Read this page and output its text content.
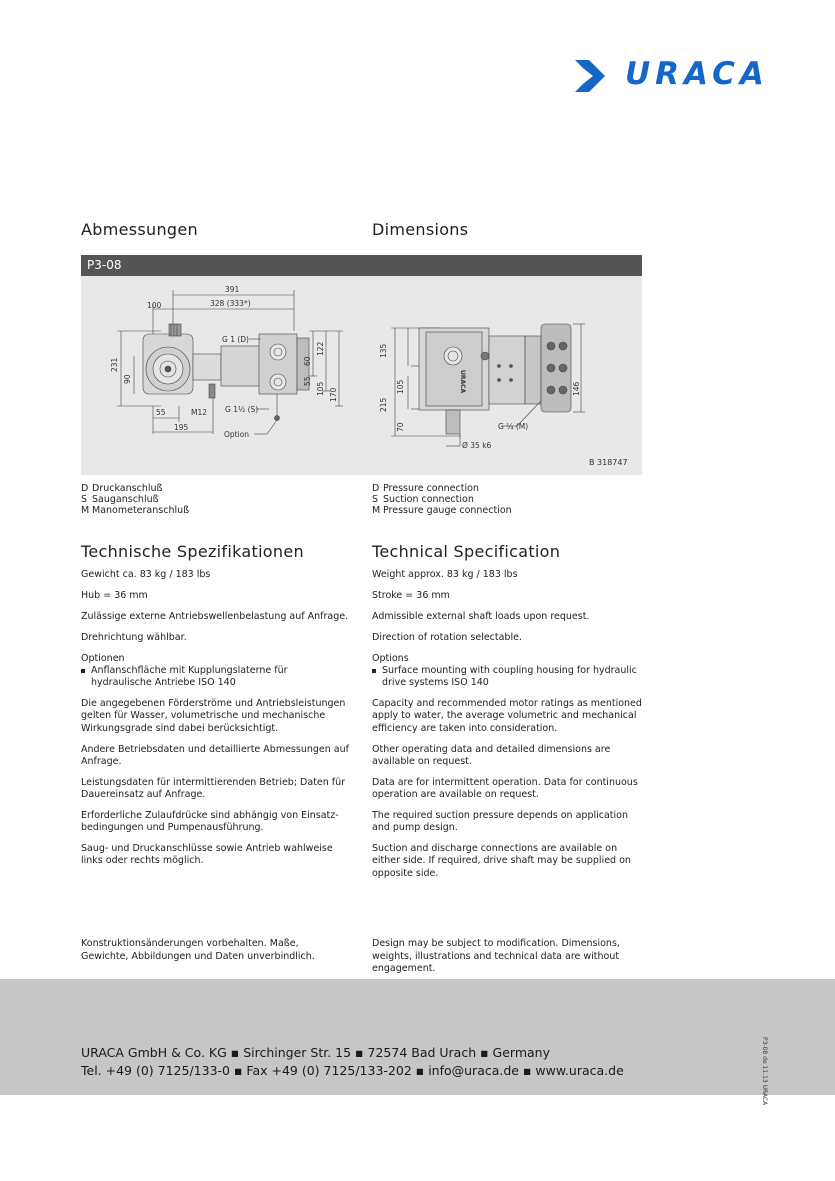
URACA
Abmessungen	Dimensions
P3-08
391
328 (333*)
100
231
90
55	M12
195
G 1 (D)
G 1½ (S)
Option
60
122
55
105 170
135
105
215
70
146
G ¼ (M)
Ø 35 k6
URACA
B 318747
D Druckanschluß
S Sauganschluß
M Manometeranschluß
D Pressure connection
S Suction connection
M Pressure gauge connection
Technische Spezifikationen	Technical Specification

Gewicht ca. 83 kg / 183 lbs

Hub = 36 mm

Zulässige externe Antriebswellenbelastung auf Anfrage.

Drehrichtung wählbar.

Optionen

Anflanschfläche mit Kupplungslaterne für hydraulische Antriebe ISO 140

Die angegebenen Förderströme und Antriebsleistungen gelten für Wasser, volumetrische und mechanische Wirkungsgrade sind dabei berücksichtigt.

Andere Betriebsdaten und detaillierte Abmessungen auf Anfrage.

Leistungsdaten für intermittierenden Betrieb; Daten für Dauereinsatz auf Anfrage.

Erforderliche Zulaufdrücke sind abhängig von Einsatzbedingungen und Pumpenausführung.

Saug- und Druckanschlüsse sowie Antrieb wahlweise links oder rechts möglich.

Weight approx. 83 kg / 183 lbs

Stroke = 36 mm

Admissible external shaft loads upon request.

Direction of rotation selectable.

Options

Surface mounting with coupling housing for hydraulic drive systems ISO 140

Capacity and recommended motor ratings as mentioned apply to water, the average volumetric and mechanical efficiency are taken into consideration.

Other operating data and detailed dimensions are available on request.

Data are for intermittent operation. Data for continuous operation are available on request.

The required suction pressure depends on application and pump design.

Suction and discharge connections are available on either side. If required, drive shaft may be supplied on opposite side.

Konstruktionsänderungen vorbehalten. Maße, Gewichte, Abbildungen und Daten unverbindlich.
Design may be subject to modification. Dimensions, weights, illustrations and technical data are without engagement.
URACA GmbH & Co. KG ▪ Sirchinger Str. 15 ▪ 72574 Bad Urach ▪ Germany
Tel. +49 (0) 7125/133-0 ▪ Fax +49 (0) 7125/133-202 ▪ info@uraca.de ▪ www.uraca.de	P3-08 de 11.13 URACA
